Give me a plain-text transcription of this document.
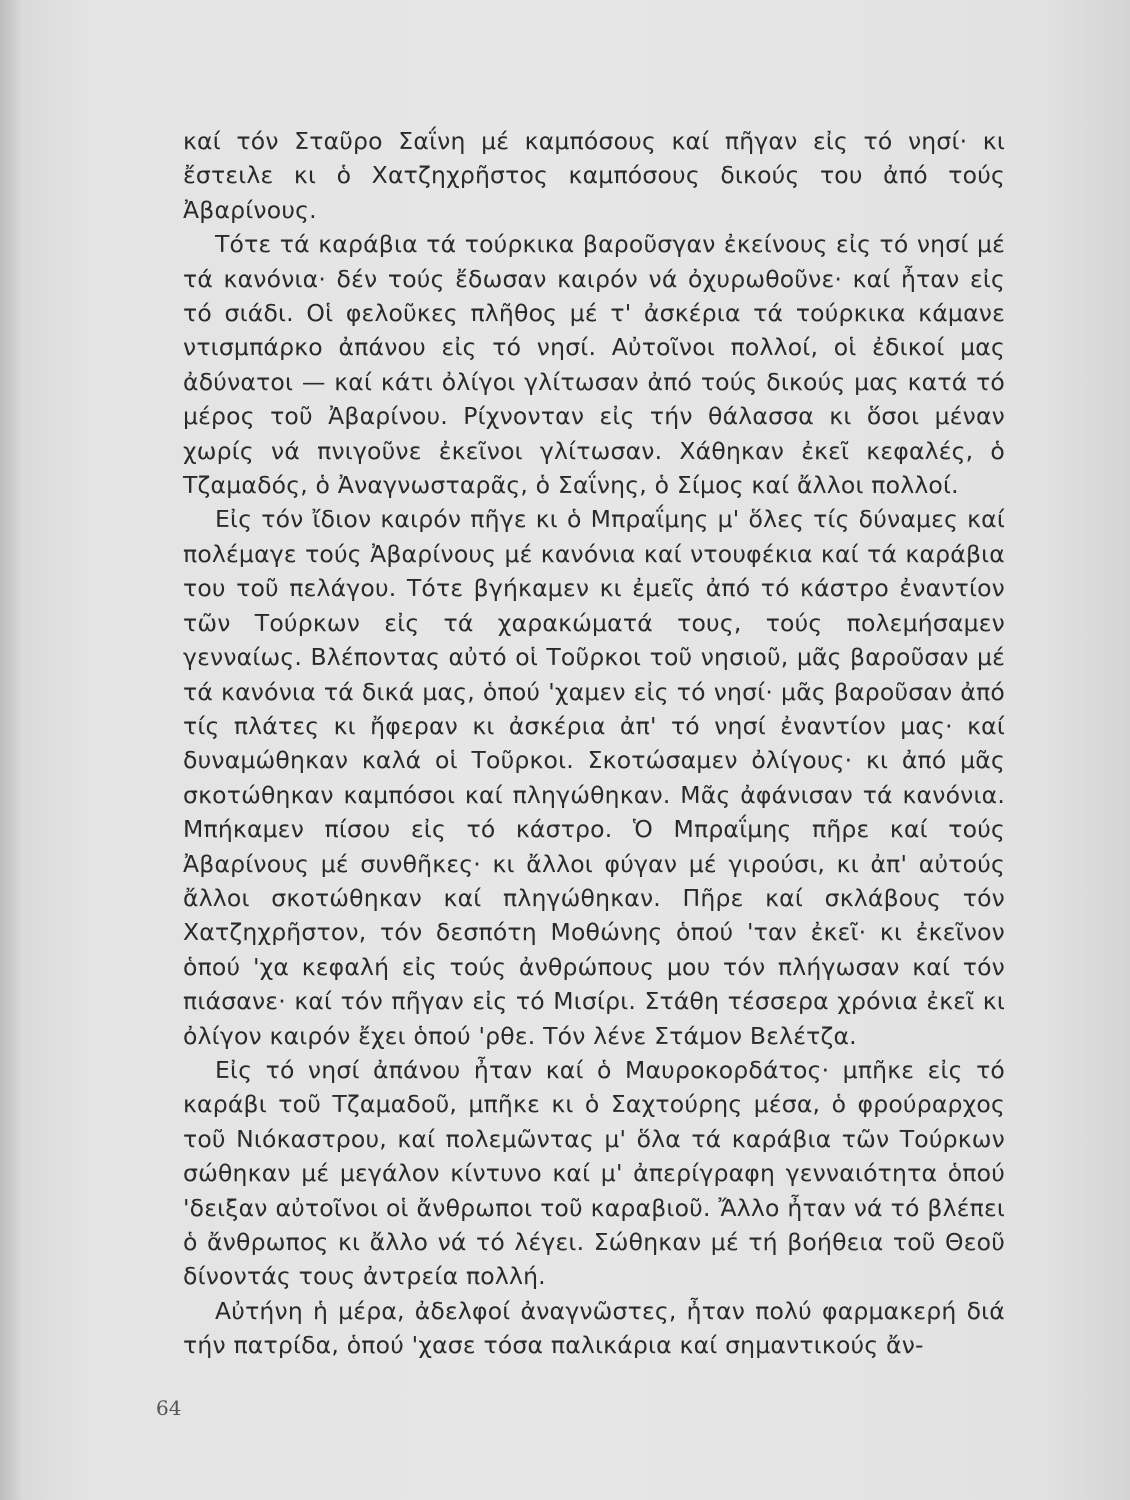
καί τόν Σταῦρο Σαΐνη μέ καμπόσους καί πῆγαν εἰς τό νησί· κι ἔστειλε κι ὁ Χατζηχρῆστος καμπόσους δικούς του ἀπό τούς Ἀβαρίνους.

Τότε τά καράβια τά τούρκικα βαροῦσγαν ἐκείνους εἰς τό νησί μέ τά κανόνια· δέν τούς ἔδωσαν καιρόν νά ὀχυρωθοῦνε· καί ἦταν εἰς τό σιάδι. Οἱ φελοῦκες πλῆθος μέ τ' ἀσκέρια τά τούρκικα κάμανε ντισμπάρκο ἀπάνου εἰς τό νησί. Αὐτοῖνοι πολλοί, οἱ ἐδικοί μας ἀδύνατοι — καί κάτι ὀλίγοι γλίτωσαν ἀπό τούς δικούς μας κατά τό μέρος τοῦ Ἀβαρίνου. Ρίχνονταν εἰς τήν θάλασσα κι ὅσοι μέναν χωρίς νά πνιγοῦνε ἐκεῖνοι γλίτωσαν. Χάθηκαν ἐκεῖ κεφαλές, ὁ Τζαμαδός, ὁ Ἀναγνωσταρᾶς, ὁ Σαΐνης, ὁ Σίμος καί ἄλλοι πολλοί.

Εἰς τόν ἴδιον καιρόν πῆγε κι ὁ Μπραΐμης μ' ὅλες τίς δύναμες καί πολέμαγε τούς Ἀβαρίνους μέ κανόνια καί ντουφέκια καί τά καράβια του τοῦ πελάγου. Τότε βγήκαμεν κι ἐμεῖς ἀπό τό κάστρο ἐναντίον τῶν Τούρκων εἰς τά χαρακώματά τους, τούς πολεμήσαμεν γενναίως. Βλέποντας αὐτό οἱ Τοῦρκοι τοῦ νησιοῦ, μᾶς βαροῦσαν μέ τά κανόνια τά δικά μας, ὁπού 'χαμεν εἰς τό νησί· μᾶς βαροῦσαν ἀπό τίς πλάτες κι ἤφεραν κι ἀσκέρια ἀπ' τό νησί ἐναντίον μας· καί δυναμώθηκαν καλά οἱ Τοῦρκοι. Σκοτώσαμεν ὀλίγους· κι ἀπό μᾶς σκοτώθηκαν καμπόσοι καί πληγώθηκαν. Μᾶς ἀφάνισαν τά κανόνια. Μπήκαμεν πίσου εἰς τό κάστρο. Ὁ Μπραΐμης πῆρε καί τούς Ἀβαρίνους μέ συνθῆκες· κι ἄλλοι φύγαν μέ γιρούσι, κι ἀπ' αὐτούς ἄλλοι σκοτώθηκαν καί πληγώθηκαν. Πῆρε καί σκλάβους τόν Χατζηχρῆστον, τόν δεσπότη Μοθώνης ὁπού 'ταν ἐκεῖ· κι ἐκεῖνον ὁπού 'χα κεφαλή εἰς τούς ἀνθρώπους μου τόν πλήγωσαν καί τόν πιάσανε· καί τόν πῆγαν εἰς τό Μισίρι. Στάθη τέσσερα χρόνια ἐκεῖ κι ὀλίγον καιρόν ἔχει ὁπού 'ρθε. Τόν λένε Στάμον Βελέτζα.

Εἰς τό νησί ἀπάνου ἦταν καί ὁ Μαυροκορδάτος· μπῆκε εἰς τό καράβι τοῦ Τζαμαδοῦ, μπῆκε κι ὁ Σαχτούρης μέσα, ὁ φρούραρχος τοῦ Νιόκαστρου, καί πολεμῶντας μ' ὅλα τά καράβια τῶν Τούρκων σώθηκαν μέ μεγάλον κίντυνο καί μ' ἀπερίγραφη γενναιότητα ὁπού 'δειξαν αὐτοῖνοι οἱ ἄνθρωποι τοῦ καραβιοῦ. Ἄλλο ἦταν νά τό βλέπει ὁ ἄνθρωπος κι ἄλλο νά τό λέγει. Σώθηκαν μέ τή βοήθεια τοῦ Θεοῦ δίνοντάς τους ἀντρεία πολλή.

Αὐτήνη ἡ μέρα, ἀδελφοί ἀναγνῶστες, ἦταν πολύ φαρμακερή διά τήν πατρίδα, ὁπού 'χασε τόσα παλικάρια καί σημαντικούς ἄν-

64
